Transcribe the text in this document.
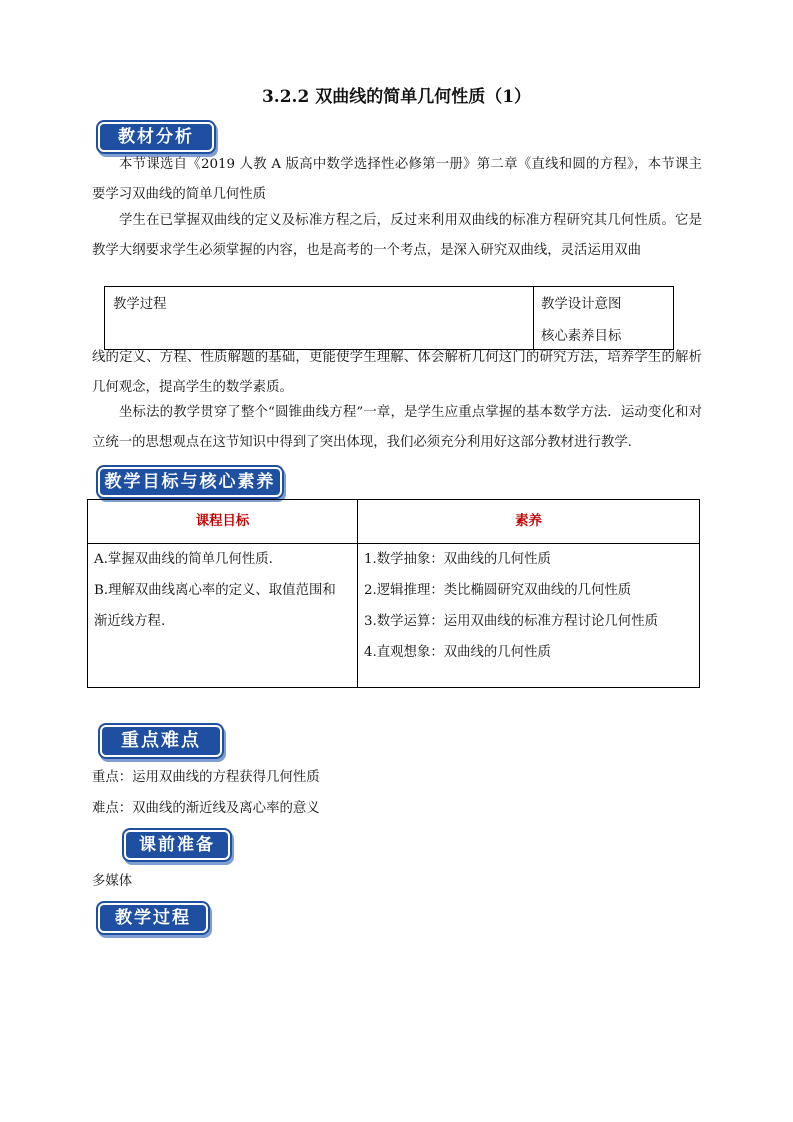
3.2.2 双曲线的简单几何性质（1）
教材分析
本节课选自《2019 人教 A 版高中数学选择性必修第一册》第二章《直线和圆的方程》，本节课主要学习双曲线的简单几何性质
学生在已掌握双曲线的定义及标准方程之后，反过来利用双曲线的标准方程研究其几何性质。它是教学大纲要求学生必须掌握的内容，也是高考的一个考点，是深入研究双曲线，灵活运用双曲
教学过程	教学设计意图
核心素养目标
线的定义、方程、性质解题的基础，更能使学生理解、体会解析几何这门的研究方法，培养学生的解析几何观念，提高学生的数学素质。
坐标法的教学贯穿了整个“圆锥曲线方程”一章，是学生应重点掌握的基本数学方法．运动变化和对立统一的思想观点在这节知识中得到了突出体现，我们必须充分利用好这部分教材进行教学.
教学目标与核心素养
课程目标	素养
A.掌握双曲线的简单几何性质.
B.理解双曲线离心率的定义、取值范围和
渐近线方程.
1.数学抽象：双曲线的几何性质
2.逻辑推理：类比椭圆研究双曲线的几何性质
3.数学运算：运用双曲线的标准方程讨论几何性质
4.直观想象：双曲线的几何性质
重点难点
重点：运用双曲线的方程获得几何性质
难点：双曲线的渐近线及离心率的意义
课前准备
多媒体
教学过程
